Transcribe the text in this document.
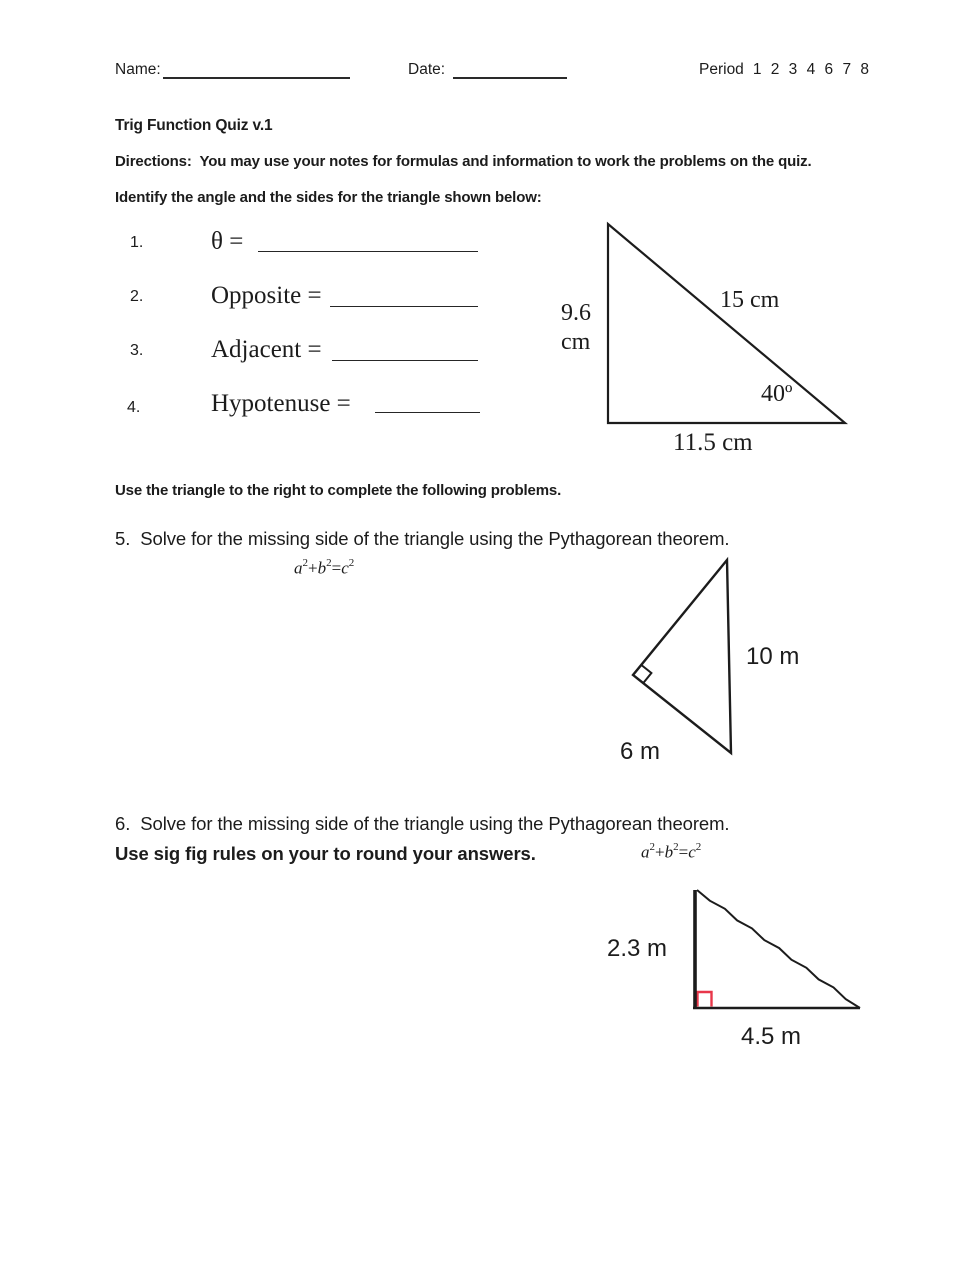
Name:	Date:	Period 1 2 3 4 6 7 8
Trig Function Quiz v.1
Directions:  You may use your notes for formulas and information to work the problems on the quiz.
Identify the angle and the sides for the triangle shown below:
1.	θ =
2.	Opposite =
3.	Adjacent =
4.	Hypotenuse =
9.6
cm
15 cm
40º
11.5 cm
Use the triangle to the right to complete the following problems.
5.  Solve for the missing side of the triangle using the Pythagorean theorem.
$a^2+b^2=c^2$
10 m
6 m
6.  Solve for the missing side of the triangle using the Pythagorean theorem.
Use sig fig rules on your to round your answers.	$a^2+b^2=c^2$
2.3 m
4.5 m
